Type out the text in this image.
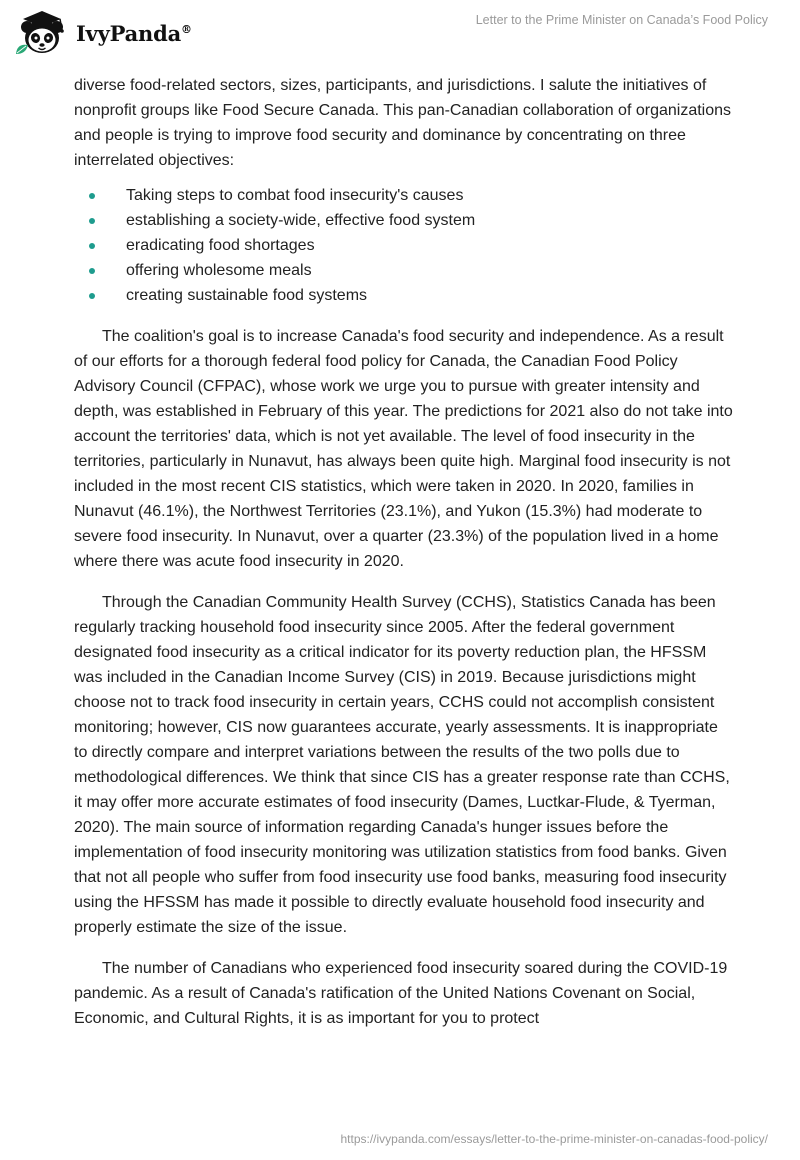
IvyPanda®
Letter to the Prime Minister on Canada’s Food Policy

diverse food-related sectors, sizes, participants, and jurisdictions. I salute the initiatives of nonprofit groups like Food Secure Canada. This pan-Canadian collaboration of organizations and people is trying to improve food security and dominance by concentrating on three interrelated objectives:

Taking steps to combat food insecurity's causes
establishing a society-wide, effective food system
eradicating food shortages
offering wholesome meals
creating sustainable food systems

The coalition's goal is to increase Canada's food security and independence. As a result of our efforts for a thorough federal food policy for Canada, the Canadian Food Policy Advisory Council (CFPAC), whose work we urge you to pursue with greater intensity and depth, was established in February of this year. The predictions for 2021 also do not take into account the territories' data, which is not yet available. The level of food insecurity in the territories, particularly in Nunavut, has always been quite high. Marginal food insecurity is not included in the most recent CIS statistics, which were taken in 2020. In 2020, families in Nunavut (46.1%), the Northwest Territories (23.1%), and Yukon (15.3%) had moderate to severe food insecurity. In Nunavut, over a quarter (23.3%) of the population lived in a home where there was acute food insecurity in 2020.

Through the Canadian Community Health Survey (CCHS), Statistics Canada has been regularly tracking household food insecurity since 2005. After the federal government designated food insecurity as a critical indicator for its poverty reduction plan, the HFSSM was included in the Canadian Income Survey (CIS) in 2019. Because jurisdictions might choose not to track food insecurity in certain years, CCHS could not accomplish consistent monitoring; however, CIS now guarantees accurate, yearly assessments. It is inappropriate to directly compare and interpret variations between the results of the two polls due to methodological differences. We think that since CIS has a greater response rate than CCHS, it may offer more accurate estimates of food insecurity (Dames, Luctkar-Flude, & Tyerman, 2020). The main source of information regarding Canada's hunger issues before the implementation of food insecurity monitoring was utilization statistics from food banks. Given that not all people who suffer from food insecurity use food banks, measuring food insecurity using the HFSSM has made it possible to directly evaluate household food insecurity and properly estimate the size of the issue.

The number of Canadians who experienced food insecurity soared during the COVID-19 pandemic. As a result of Canada's ratification of the United Nations Covenant on Social, Economic, and Cultural Rights, it is as important for you to protect

https://ivypanda.com/essays/letter-to-the-prime-minister-on-canadas-food-policy/
